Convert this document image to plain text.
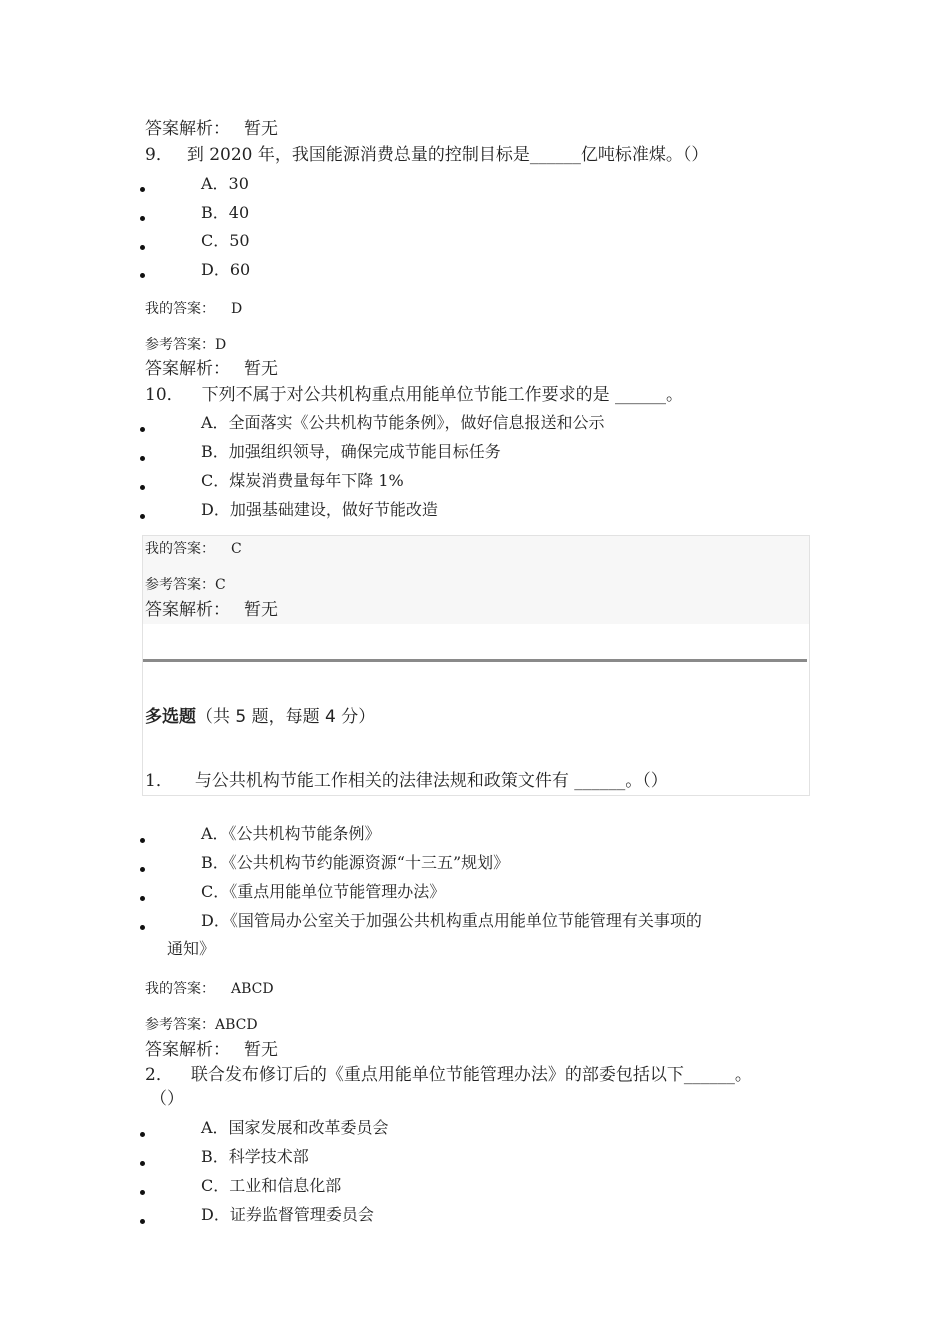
答案解析： 暂无
9． 到 2020 年，我国能源消费总量的控制目标是______亿吨标准煤。（）
A．30
B．40
C．50
D．60
我的答案： D
参考答案：D
答案解析： 暂无
10． 下列不属于对公共机构重点用能单位节能工作要求的是 ______。
A．全面落实《公共机构节能条例》，做好信息报送和公示
B．加强组织领导，确保完成节能目标任务
C．煤炭消费量每年下降 1%
D．加强基础建设，做好节能改造
我的答案： C
参考答案：C
答案解析： 暂无
多选题（共 5 题，每题 4 分）
1． 与公共机构节能工作相关的法律法规和政策文件有 ______。（）
A．《公共机构节能条例》
B．《公共机构节约能源资源“十三五”规划》
C．《重点用能单位节能管理办法》
D．《国管局办公室关于加强公共机构重点用能单位节能管理有关事项的
通知》
我的答案： ABCD
参考答案：ABCD
答案解析： 暂无
2． 联合发布修订后的《重点用能单位节能管理办法》的部委包括以下______。
（）
A．国家发展和改革委员会
B．科学技术部
C．工业和信息化部
D．证券监督管理委员会
